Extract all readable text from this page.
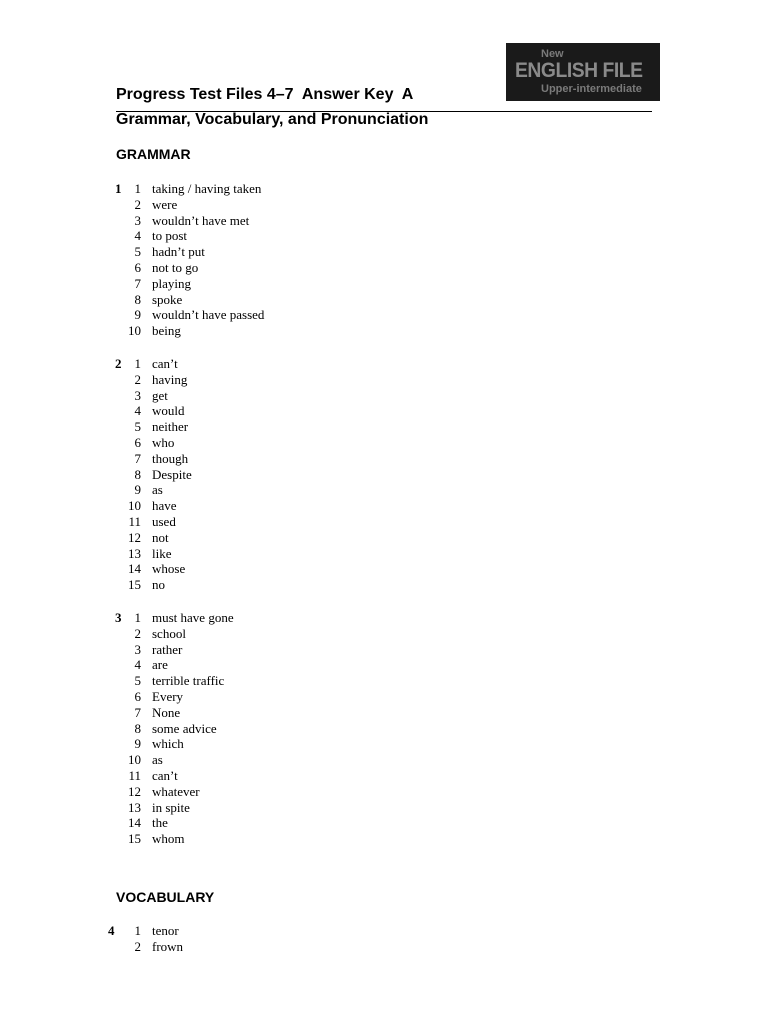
New
ENGLISH FILE
Upper-intermediate
Progress Test Files 4–7  Answer Key  A
Grammar, Vocabulary, and Pronunciation
GRAMMAR
1	1 taking / having taken
2 were
3 wouldn’t have met
4 to post
5 hadn’t put
6 not to go
7 playing
8 spoke
9 wouldn’t have passed
10 being
2	1 can’t
2 having
3 get
4 would
5 neither
6 who
7 though
8 Despite
9 as
10 have
11 used
12 not
13 like
14 whose
15 no
3	1 must have gone
2 school
3 rather
4 are
5 terrible traffic
6 Every
7 None
8 some advice
9 which
10 as
11 can’t
12 whatever
13 in spite
14 the
15 whom
VOCABULARY
4	1 tenor
2 frown
